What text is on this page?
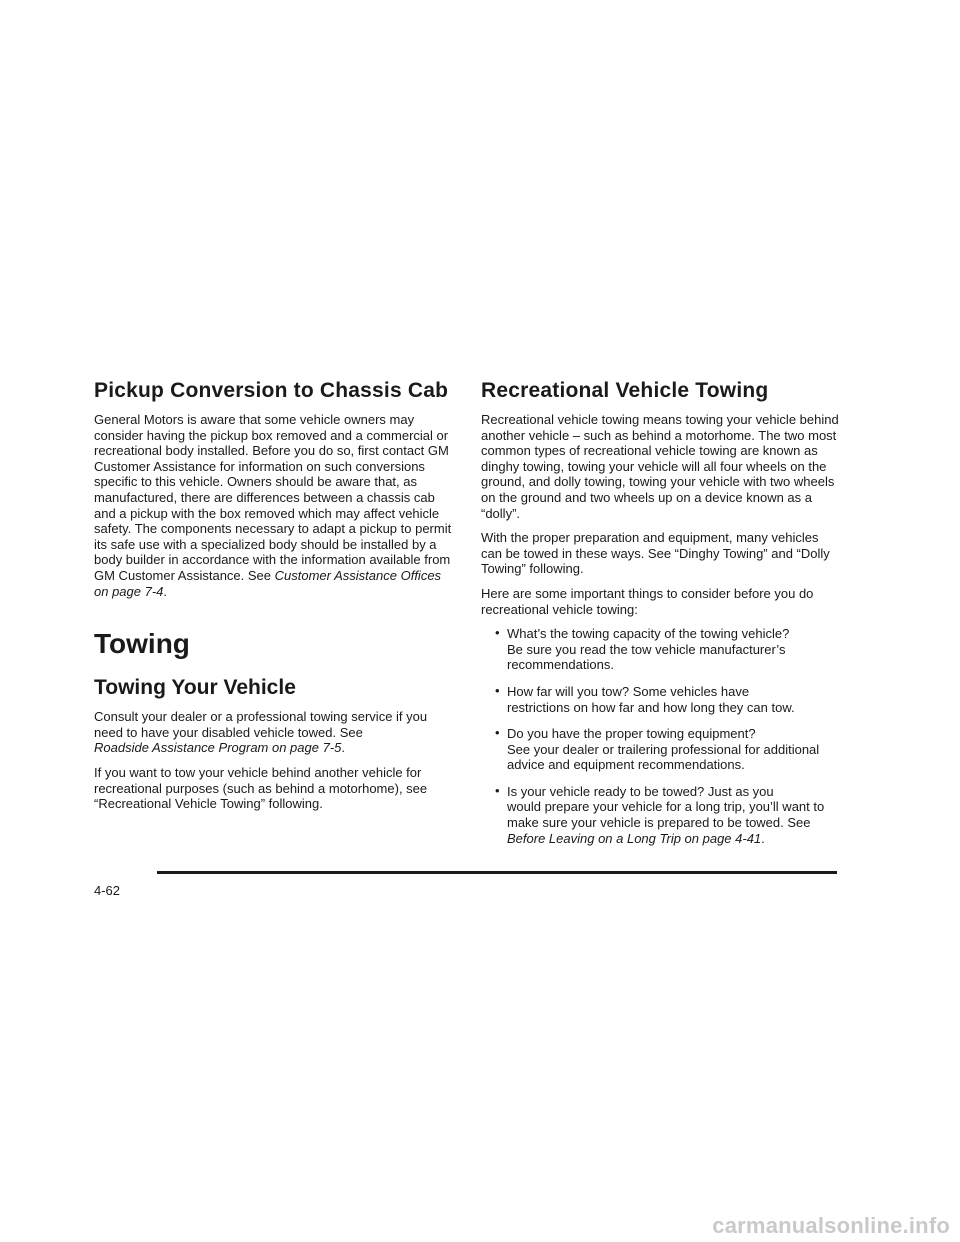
Pickup Conversion to Chassis Cab

General Motors is aware that some vehicle owners may consider having the pickup box removed and a commercial or recreational body installed. Before you do so, first contact GM Customer Assistance for information on such conversions specific to this vehicle. Owners should be aware that, as manufactured, there are differences between a chassis cab and a pickup with the box removed which may affect vehicle safety. The components necessary to adapt a pickup to permit its safe use with a specialized body should be installed by a body builder in accordance with the information available from GM Customer Assistance. See Customer Assistance Offices on page 7-4.

Towing
Towing Your Vehicle

Consult your dealer or a professional towing service if you need to have your disabled vehicle towed. See
Roadside Assistance Program on page 7-5.

If you want to tow your vehicle behind another vehicle for recreational purposes (such as behind a motorhome), see “Recreational Vehicle Towing” following.

Recreational Vehicle Towing

Recreational vehicle towing means towing your vehicle behind another vehicle – such as behind a motorhome. The two most common types of recreational vehicle towing are known as dinghy towing, towing your vehicle will all four wheels on the ground, and dolly towing, towing your vehicle with two wheels on the ground and two wheels up on a device known as a “dolly”.

With the proper preparation and equipment, many vehicles can be towed in these ways. See “Dinghy Towing” and “Dolly Towing” following.

Here are some important things to consider before you do recreational vehicle towing:

• What’s the towing capacity of the towing vehicle?
Be sure you read the tow vehicle manufacturer’s recommendations.
• How far will you tow? Some vehicles have
restrictions on how far and how long they can tow.
• Do you have the proper towing equipment?
See your dealer or trailering professional for additional advice and equipment recommendations.
• Is your vehicle ready to be towed? Just as you
would prepare your vehicle for a long trip, you’ll want to make sure your vehicle is prepared to be towed. See Before Leaving on a Long Trip on page 4-41.
4-62
carmanualsonline.info
